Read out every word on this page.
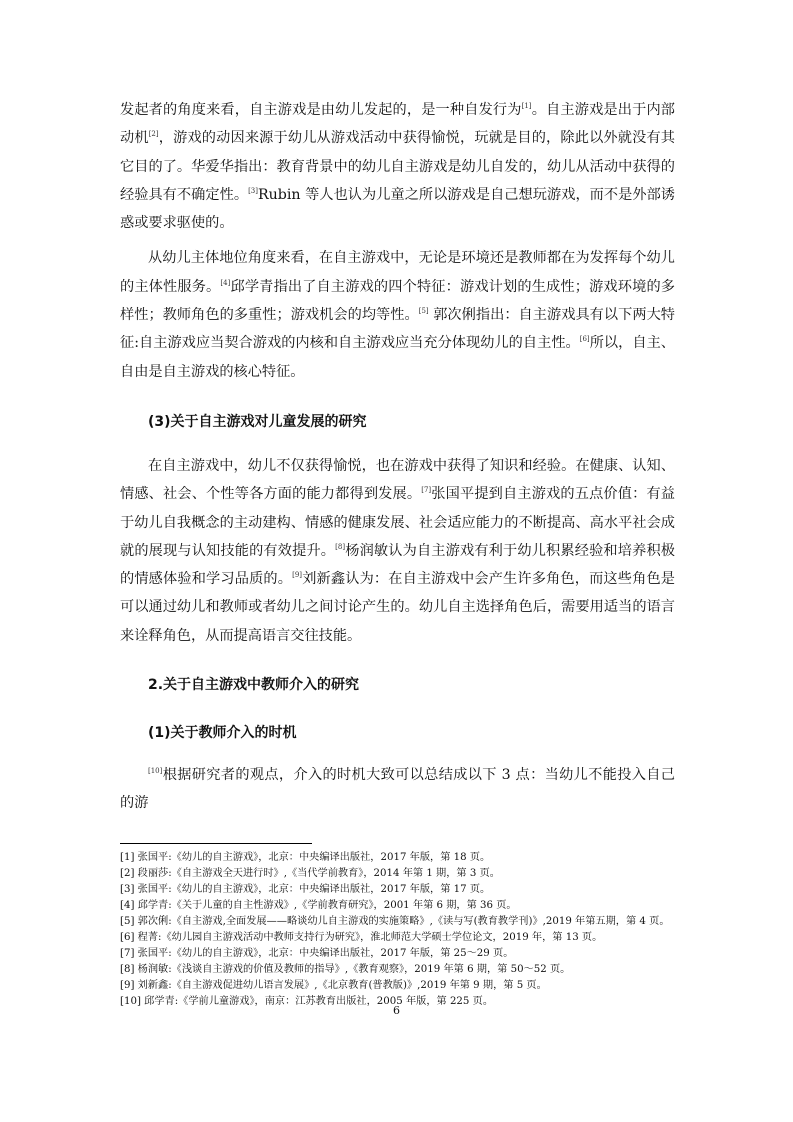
发起者的角度来看，自主游戏是由幼儿发起的，是一种自发行为[1]。自主游戏是出于内部动机[2]，游戏的动因来源于幼儿从游戏活动中获得愉悦，玩就是目的，除此以外就没有其它目的了。华爱华指出：教育背景中的幼儿自主游戏是幼儿自发的，幼儿从活动中获得的经验具有不确定性。[3]Rubin 等人也认为儿童之所以游戏是自己想玩游戏，而不是外部诱惑或要求驱使的。

从幼儿主体地位角度来看，在自主游戏中，无论是环境还是教师都在为发挥每个幼儿的主体性服务。[4]邱学青指出了自主游戏的四个特征：游戏计划的生成性；游戏环境的多样性；教师角色的多重性；游戏机会的均等性。[5] 郭次俐指出：自主游戏具有以下两大特征:自主游戏应当契合游戏的内核和自主游戏应当充分体现幼儿的自主性。[6]所以，自主、自由是自主游戏的核心特征。

(3)关于自主游戏对儿童发展的研究

在自主游戏中，幼儿不仅获得愉悦，也在游戏中获得了知识和经验。在健康、认知、情感、社会、个性等各方面的能力都得到发展。[7]张国平提到自主游戏的五点价值：有益于幼儿自我概念的主动建构、情感的健康发展、社会适应能力的不断提高、高水平社会成就的展现与认知技能的有效提升。[8]杨润敏认为自主游戏有利于幼儿积累经验和培养积极的情感体验和学习品质的。[9]刘新鑫认为：在自主游戏中会产生许多角色，而这些角色是可以通过幼儿和教师或者幼儿之间讨论产生的。幼儿自主选择角色后，需要用适当的语言来诠释角色，从而提高语言交往技能。

2.关于自主游戏中教师介入的研究
(1)关于教师介入的时机

[10]根据研究者的观点，介入的时机大致可以总结成以下 3 点：当幼儿不能投入自己的游

[1] 张国平:《幼儿的自主游戏》，北京：中央编译出版社，2017 年版，第 18 页。

[2] 段丽莎:《自主游戏全天进行时》,《当代学前教育》，2014 年第 1 期，第 3 页。

[3] 张国平:《幼儿的自主游戏》，北京：中央编译出版社，2017 年版，第 17 页。

[4] 邱学青:《关于儿童的自主性游戏》,《学前教育研究》，2001 年第 6 期，第 36 页。

[5] 郭次俐:《自主游戏,全面发展——略谈幼儿自主游戏的实施策略》,《读与写(教育教学刊)》,2019 年第五期，第 4 页。

[6] 程菁:《幼儿园自主游戏活动中教师支持行为研究》，淮北师范大学硕士学位论文，2019 年，第 13 页。

[7] 张国平:《幼儿的自主游戏》，北京：中央编译出版社，2017 年版，第 25～29 页。

[8] 杨润敏:《浅谈自主游戏的价值及教师的指导》,《教育观察》，2019 年第 6 期，第 50～52 页。

[9] 刘新鑫:《自主游戏促进幼儿语言发展》,《北京教育(普教版)》,2019 年第 9 期，第 5 页。

[10] 邱学青:《学前儿童游戏》，南京：江苏教育出版社，2005 年版，第 225 页。

6
